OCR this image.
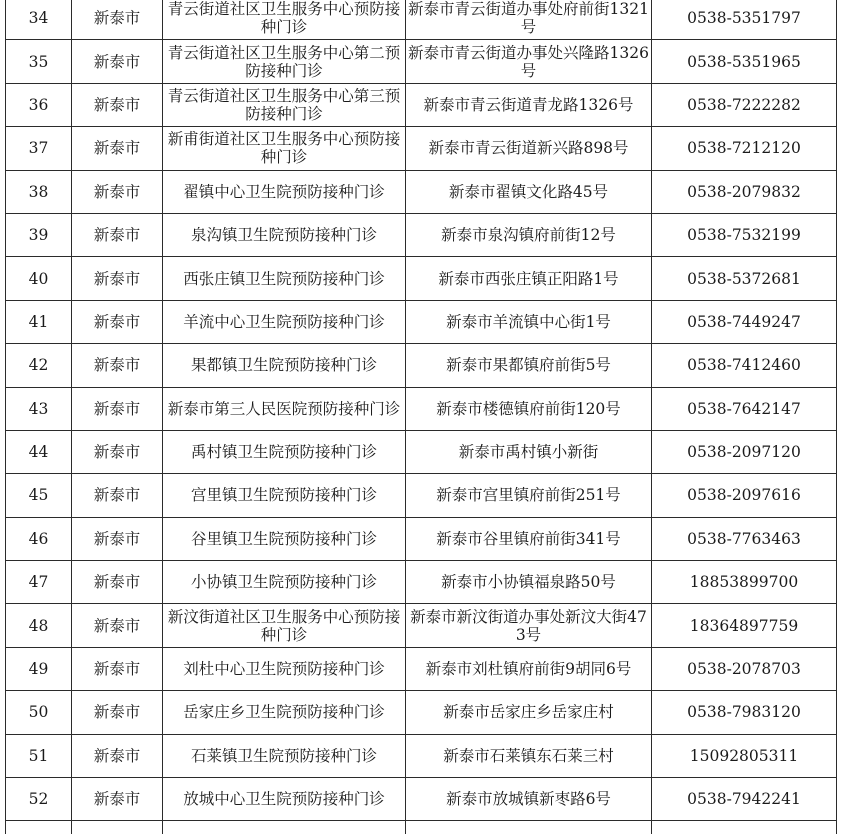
34	新泰市	青云街道社区卫生服务中心预防接种门诊	新泰市青云街道办事处府前街1321号	0538-5351797

35	新泰市	青云街道社区卫生服务中心第二预防接种门诊	新泰市青云街道办事处兴隆路1326号	0538-5351965

36	新泰市	青云街道社区卫生服务中心第三预防接种门诊	新泰市青云街道青龙路1326号	0538-7222282

37	新泰市	新甫街道社区卫生服务中心预防接种门诊	新泰市青云街道新兴路898号	0538-7212120

38	新泰市	翟镇中心卫生院预防接种门诊	新泰市翟镇文化路45号	0538-2079832

39	新泰市	泉沟镇卫生院预防接种门诊	新泰市泉沟镇府前街12号	0538-7532199

40	新泰市	西张庄镇卫生院预防接种门诊	新泰市西张庄镇正阳路1号	0538-5372681

41	新泰市	羊流中心卫生院预防接种门诊	新泰市羊流镇中心街1号	0538-7449247

42	新泰市	果都镇卫生院预防接种门诊	新泰市果都镇府前街5号	0538-7412460

43	新泰市	新泰市第三人民医院预防接种门诊	新泰市楼德镇府前街120号	0538-7642147

44	新泰市	禹村镇卫生院预防接种门诊	新泰市禹村镇小新街	0538-2097120

45	新泰市	宫里镇卫生院预防接种门诊	新泰市宫里镇府前街251号	0538-2097616

46	新泰市	谷里镇卫生院预防接种门诊	新泰市谷里镇府前街341号	0538-7763463

47	新泰市	小协镇卫生院预防接种门诊	新泰市小协镇福泉路50号	18853899700

48	新泰市	新汶街道社区卫生服务中心预防接种门诊	新泰市新汶街道办事处新汶大街473号	18364897759

49	新泰市	刘杜中心卫生院预防接种门诊	新泰市刘杜镇府前街9胡同6号	0538-2078703

50	新泰市	岳家庄乡卫生院预防接种门诊	新泰市岳家庄乡岳家庄村	0538-7983120

51	新泰市	石莱镇卫生院预防接种门诊	新泰市石莱镇东石莱三村	15092805311

52	新泰市	放城中心卫生院预防接种门诊	新泰市放城镇新枣路6号	0538-7942241
